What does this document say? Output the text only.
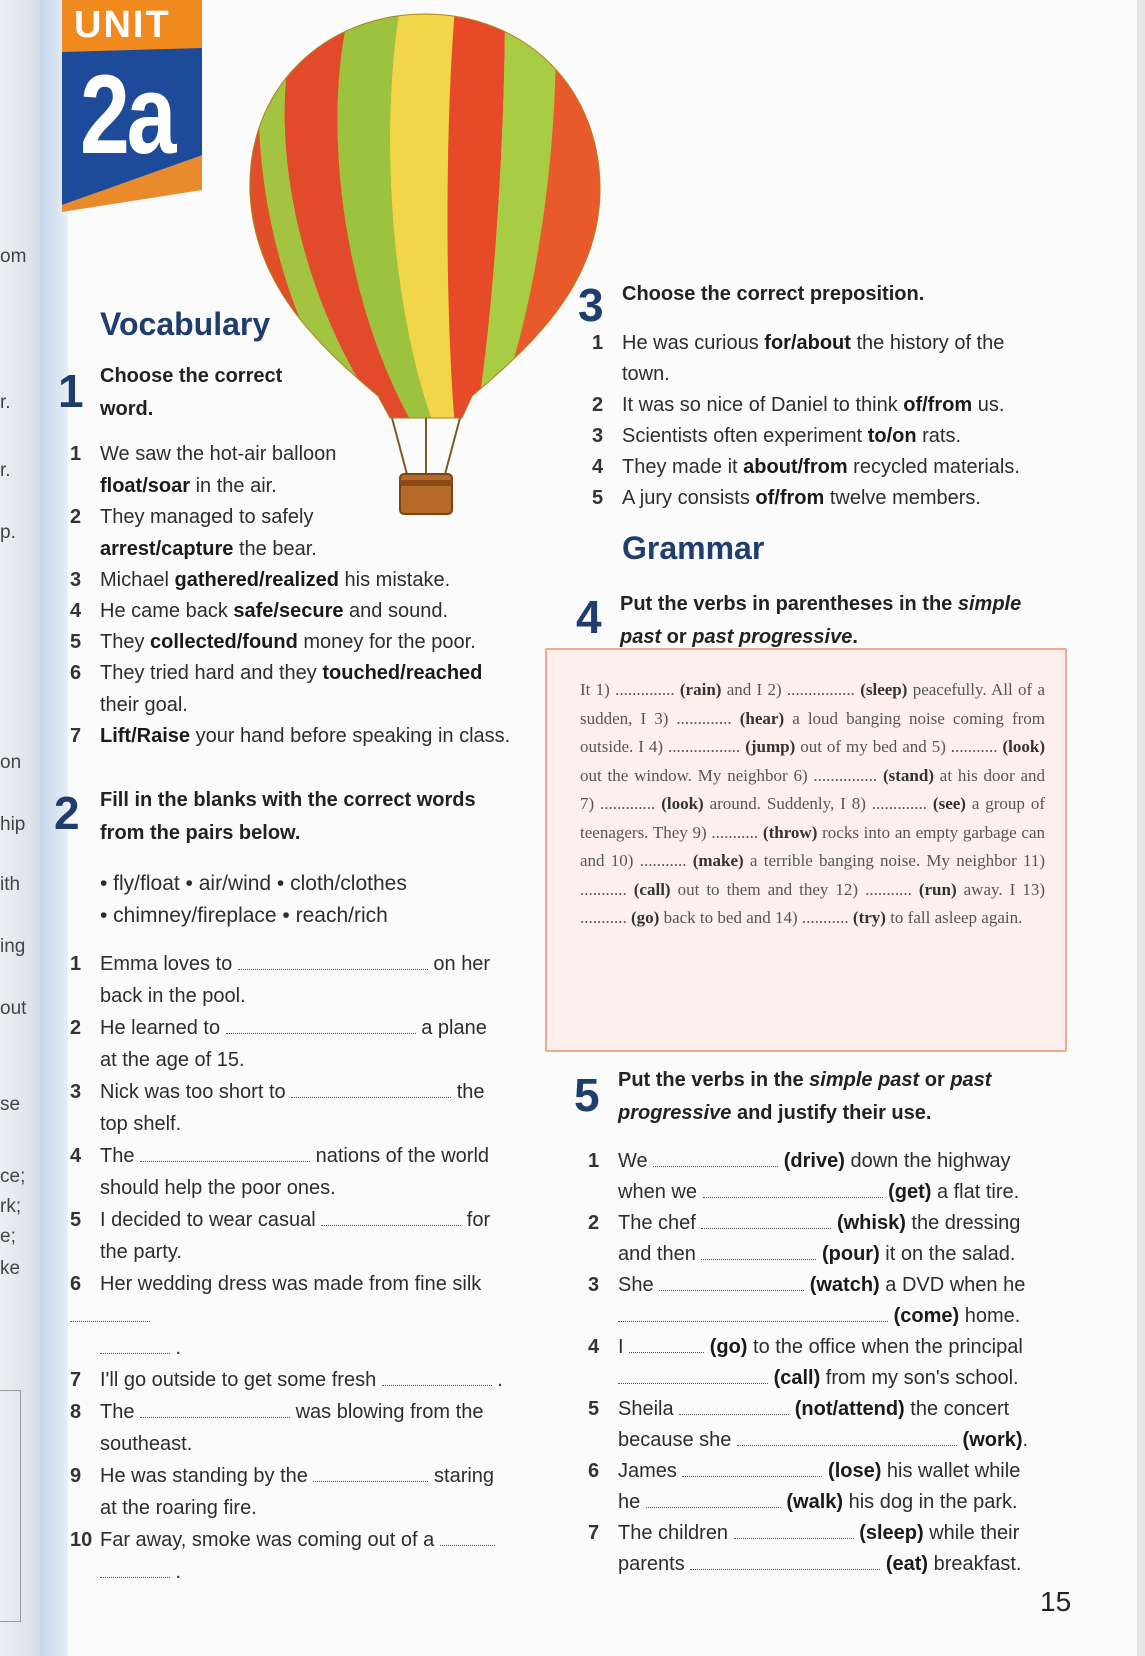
om
r.
r.
p.
on
hip
ith
ing
out
se
ce;
rk;
e;
ke
UNIT
2a
Vocabulary
1 Choose the correct
word.
1 We saw the hot-air balloon
float/soar in the air.
2 They managed to safely
arrest/capture the bear.
3 Michael gathered/realized his mistake.
4 He came back safe/secure and sound.
5 They collected/found money for the poor.
6 They tried hard and they touched/reached
their goal.
7 Lift/Raise your hand before speaking in class.
2 Fill in the blanks with the correct words
from the pairs below.
• fly/float • air/wind • cloth/clothes
• chimney/fireplace • reach/rich
1 Emma loves to	on her
back in the pool.
2 He learned to	a plane
at the age of 15.
3 Nick was too short to	the
top shelf.
4 The	nations of the world
should help the poor ones.
5 I decided to wear casual	for
the party.
6 Her wedding dress was made from fine silk
.
7 I'll go outside to get some fresh	.
8 The	was blowing from the
southeast.
9 He was standing by the	staring
at the roaring fire.
10 Far away, smoke was coming out of a
.
3 Choose the correct preposition.
1 He was curious for/about the history of the
town.
2 It was so nice of Daniel to think of/from us.
3 Scientists often experiment to/on rats.
4 They made it about/from recycled materials.
5 A jury consists of/from twelve members.
Grammar
4 Put the verbs in parentheses in the simple
past or past progressive.
It 1) .............. (rain) and I 2) ................ (sleep) peacefully. All of a sudden, I 3) ............. (hear) a loud banging noise coming from outside. I 4) ................. (jump) out of my bed and 5) ........... (look) out the window. My neighbor 6) ............... (stand) at his door and 7) ............. (look) around. Suddenly, I 8) ............. (see) a group of teenagers. They 9) ........... (throw) rocks into an empty garbage can and 10) ........... (make) a terrible banging noise. My neighbor 11) ........... (call) out to them and they 12) ........... (run) away. I 13) ........... (go) back to bed and 14) ........... (try) to fall asleep again.
5 Put the verbs in the simple past or past
progressive and justify their use.
1 We	(drive) down the highway
when we	(get) a flat tire.
2 The chef	(whisk) the dressing
and then	(pour) it on the salad.
3 She	(watch) a DVD when he
(come) home.
4 I	(go) to the office when the principal
(call) from my son's school.
5 Sheila	(not/attend) the concert
because she	(work).
6 James	(lose) his wallet while
he	(walk) his dog in the park.
7 The children	(sleep) while their
parents	(eat) breakfast.
15
